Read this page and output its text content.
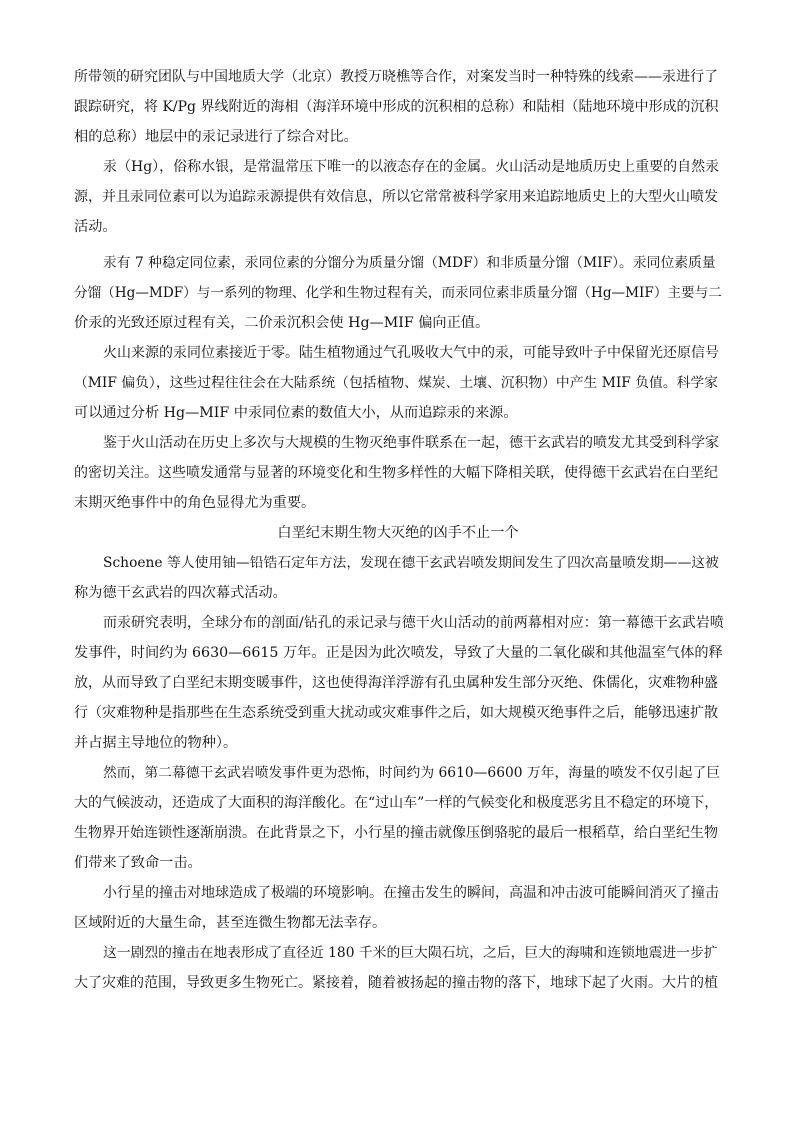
所带领的研究团队与中国地质大学（北京）教授万晓樵等合作，对案发当时一种特殊的线索——汞进行了
跟踪研究，将 K/Pg 界线附近的海相（海洋环境中形成的沉积相的总称）和陆相（陆地环境中形成的沉积
相的总称）地层中的汞记录进行了综合对比。
汞（Hg），俗称水银，是常温常压下唯一的以液态存在的金属。火山活动是地质历史上重要的自然汞
源，并且汞同位素可以为追踪汞源提供有效信息，所以它常常被科学家用来追踪地质史上的大型火山喷发
活动。
汞有 7 种稳定同位素，汞同位素的分馏分为质量分馏（MDF）和非质量分馏（MIF）。汞同位素质量
分馏（Hg—MDF）与一系列的物理、化学和生物过程有关，而汞同位素非质量分馏（Hg—MIF）主要与二
价汞的光致还原过程有关，二价汞沉积会使 Hg—MIF 偏向正值。
火山来源的汞同位素接近于零。陆生植物通过气孔吸收大气中的汞，可能导致叶子中保留光还原信号
（MIF 偏负），这些过程往往会在大陆系统（包括植物、煤炭、土壤、沉积物）中产生 MIF 负值。科学家
可以通过分析 Hg—MIF 中汞同位素的数值大小，从而追踪汞的来源。
鉴于火山活动在历史上多次与大规模的生物灭绝事件联系在一起，德干玄武岩的喷发尤其受到科学家
的密切关注。这些喷发通常与显著的环境变化和生物多样性的大幅下降相关联，使得德干玄武岩在白垩纪
末期灭绝事件中的角色显得尤为重要。
白垩纪末期生物大灭绝的凶手不止一个
Schoene 等人使用铀—铅锆石定年方法，发现在德干玄武岩喷发期间发生了四次高量喷发期——这被
称为德干玄武岩的四次幕式活动。
而汞研究表明，全球分布的剖面/钻孔的汞记录与德干火山活动的前两幕相对应：第一幕德干玄武岩喷
发事件，时间约为 6630—6615 万年。正是因为此次喷发，导致了大量的二氧化碳和其他温室气体的释
放，从而导致了白垩纪末期变暖事件，这也使得海洋浮游有孔虫属种发生部分灭绝、侏儒化，灾难物种盛
行（灾难物种是指那些在生态系统受到重大扰动或灾难事件之后，如大规模灭绝事件之后，能够迅速扩散
并占据主导地位的物种）。
然而，第二幕德干玄武岩喷发事件更为恐怖，时间约为 6610—6600 万年，海量的喷发不仅引起了巨
大的气候波动，还造成了大面积的海洋酸化。在“过山车”一样的气候变化和极度恶劣且不稳定的环境下，
生物界开始连锁性逐渐崩溃。在此背景之下，小行星的撞击就像压倒骆驼的最后一根稻草，给白垩纪生物
们带来了致命一击。
小行星的撞击对地球造成了极端的环境影响。在撞击发生的瞬间，高温和冲击波可能瞬间消灭了撞击
区域附近的大量生命，甚至连微生物都无法幸存。
这一剧烈的撞击在地表形成了直径近 180 千米的巨大陨石坑，之后，巨大的海啸和连锁地震进一步扩
大了灾难的范围，导致更多生物死亡。紧接着，随着被扬起的撞击物的落下，地球下起了火雨。大片的植
